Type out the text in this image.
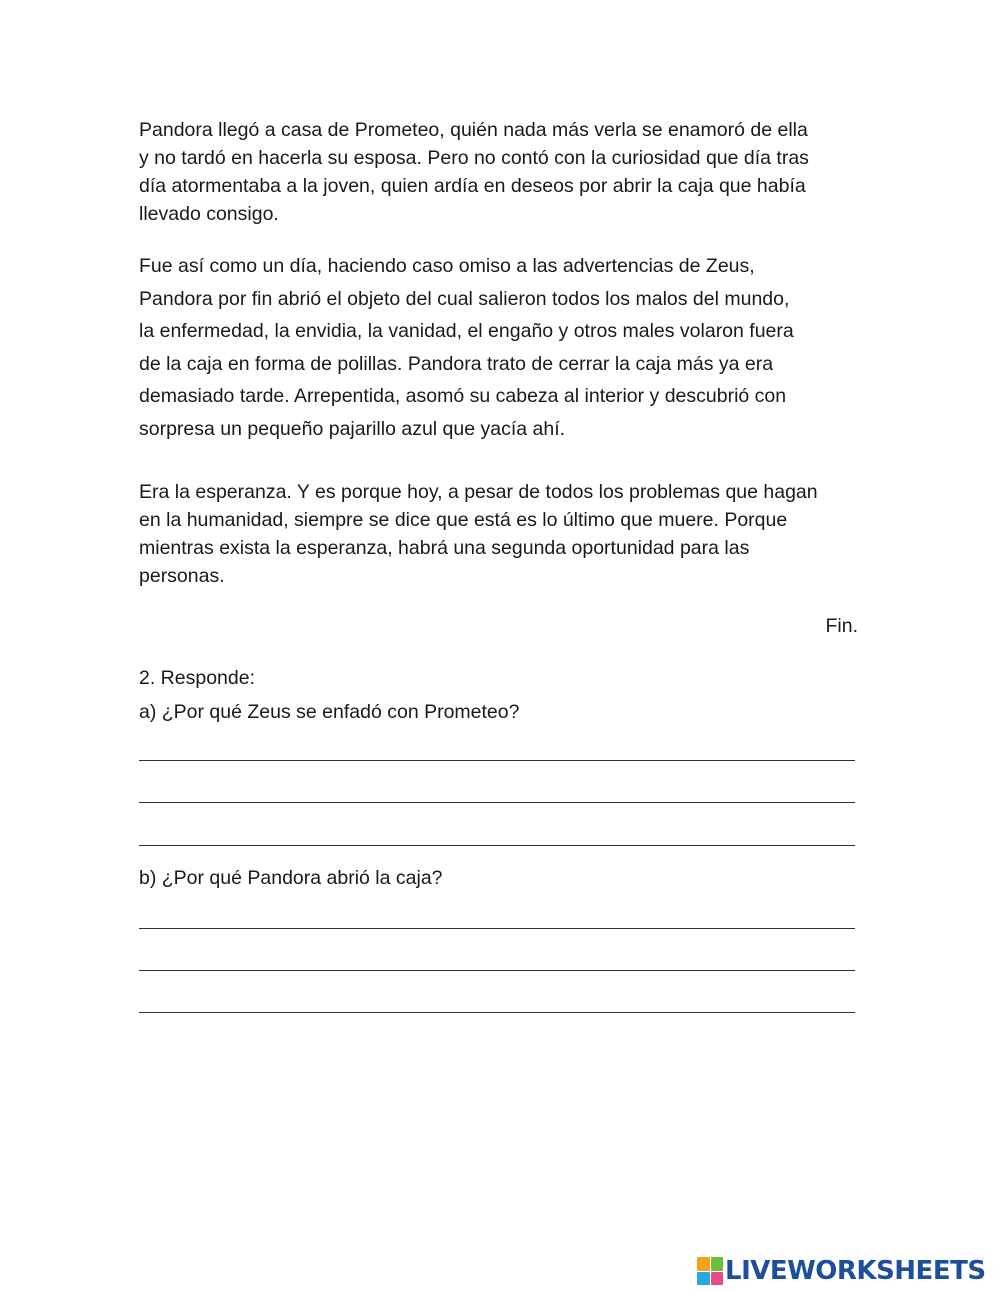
Pandora llegó a casa de Prometeo, quién nada más verla se enamoró de ella
y no tardó en hacerla su esposa. Pero no contó con la curiosidad que día tras
día atormentaba a la joven, quien ardía en deseos por abrir la caja que había
llevado consigo.

Fue así como un día, haciendo caso omiso a las advertencias de Zeus,
Pandora por fin abrió el objeto del cual salieron todos los malos del mundo,
la enfermedad, la envidia, la vanidad, el engaño y otros males volaron fuera
de la caja en forma de polillas. Pandora trato de cerrar la caja más ya era
demasiado tarde. Arrepentida, asomó su cabeza al interior y descubrió con
sorpresa un pequeño pajarillo azul que yacía ahí.

Era la esperanza. Y es porque hoy, a pesar de todos los problemas que hagan
en la humanidad, siempre se dice que está es lo último que muere. Porque
mientras exista la esperanza, habrá una segunda oportunidad para las
personas.

Fin.
2. Responde:
a) ¿Por qué Zeus se enfadó con Prometeo?
b) ¿Por qué Pandora abrió la caja?
LIVEWORKSHEETS
